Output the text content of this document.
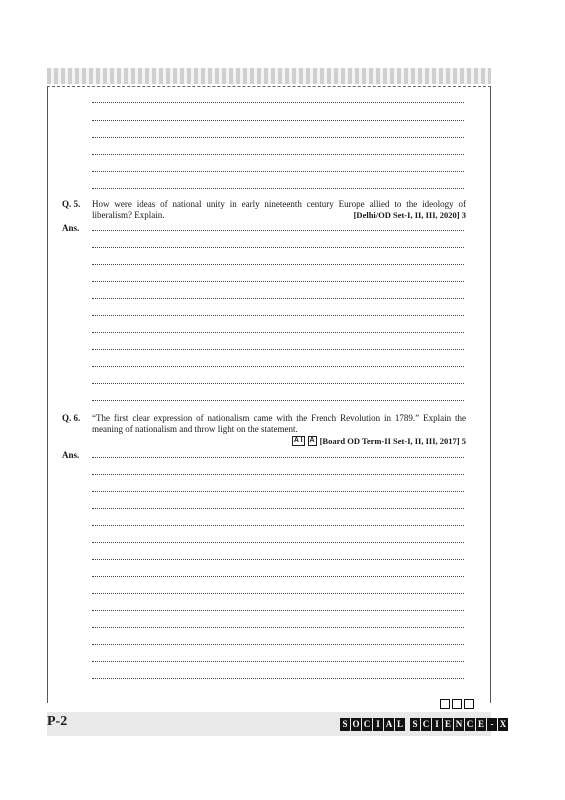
Q. 5. How were ideas of national unity in early nineteenth century Europe allied to the ideology of liberalism? Explain.	[Delhi/OD Set-I, II, III, 2020] 3
Ans.
Q. 6. “The first clear expression of nationalism came with the French Revolution in 1789.” Explain the meaning of nationalism and throw light on the statement.
A I A [Board OD Term-II Set-I, II, III, 2017] 5
Ans.
P-2	S O C I A L S C I E N C E - X
